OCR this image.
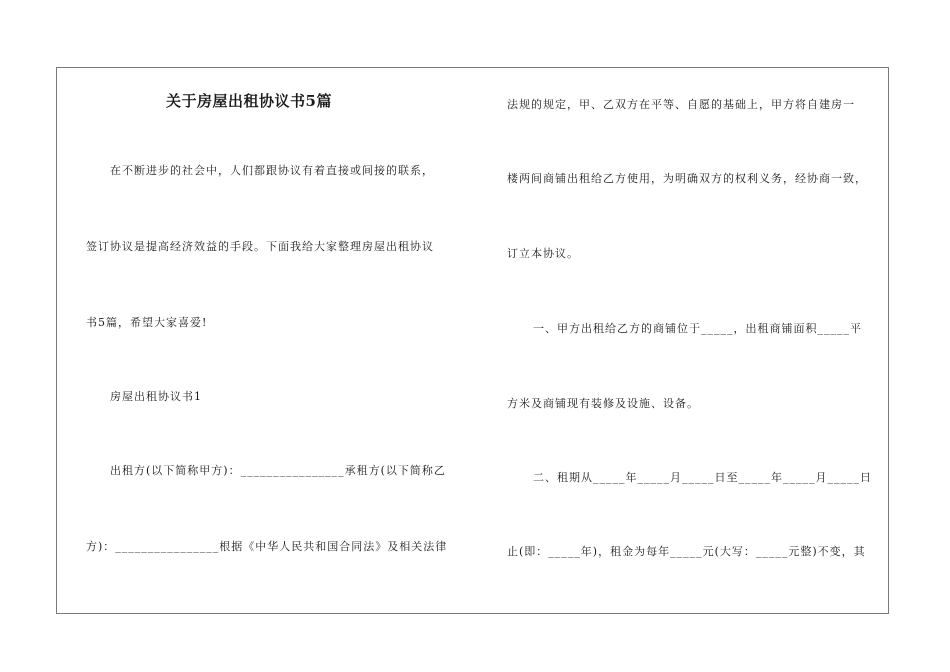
关于房屋出租协议书5篇
在不断进步的社会中，人们都跟协议有着直接或间接的联系，
签订协议是提高经济效益的手段。下面我给大家整理房屋出租协议
书5篇，希望大家喜爱!
房屋出租协议书1
出租方(以下简称甲方)：________________承租方(以下简称乙
方)：________________根据《中华人民共和国合同法》及相关法律
法规的规定，甲、乙双方在平等、自愿的基础上，甲方将自建房一
楼两间商铺出租给乙方使用，为明确双方的权利义务，经协商一致，
订立本协议。
一、甲方出租给乙方的商铺位于_____，出租商铺面积_____平
方米及商铺现有装修及设施、设备。
二、租期从_____年_____月_____日至_____年_____月_____日
止(即：_____年)，租金为每年_____元(大写：_____元整)不变，其
